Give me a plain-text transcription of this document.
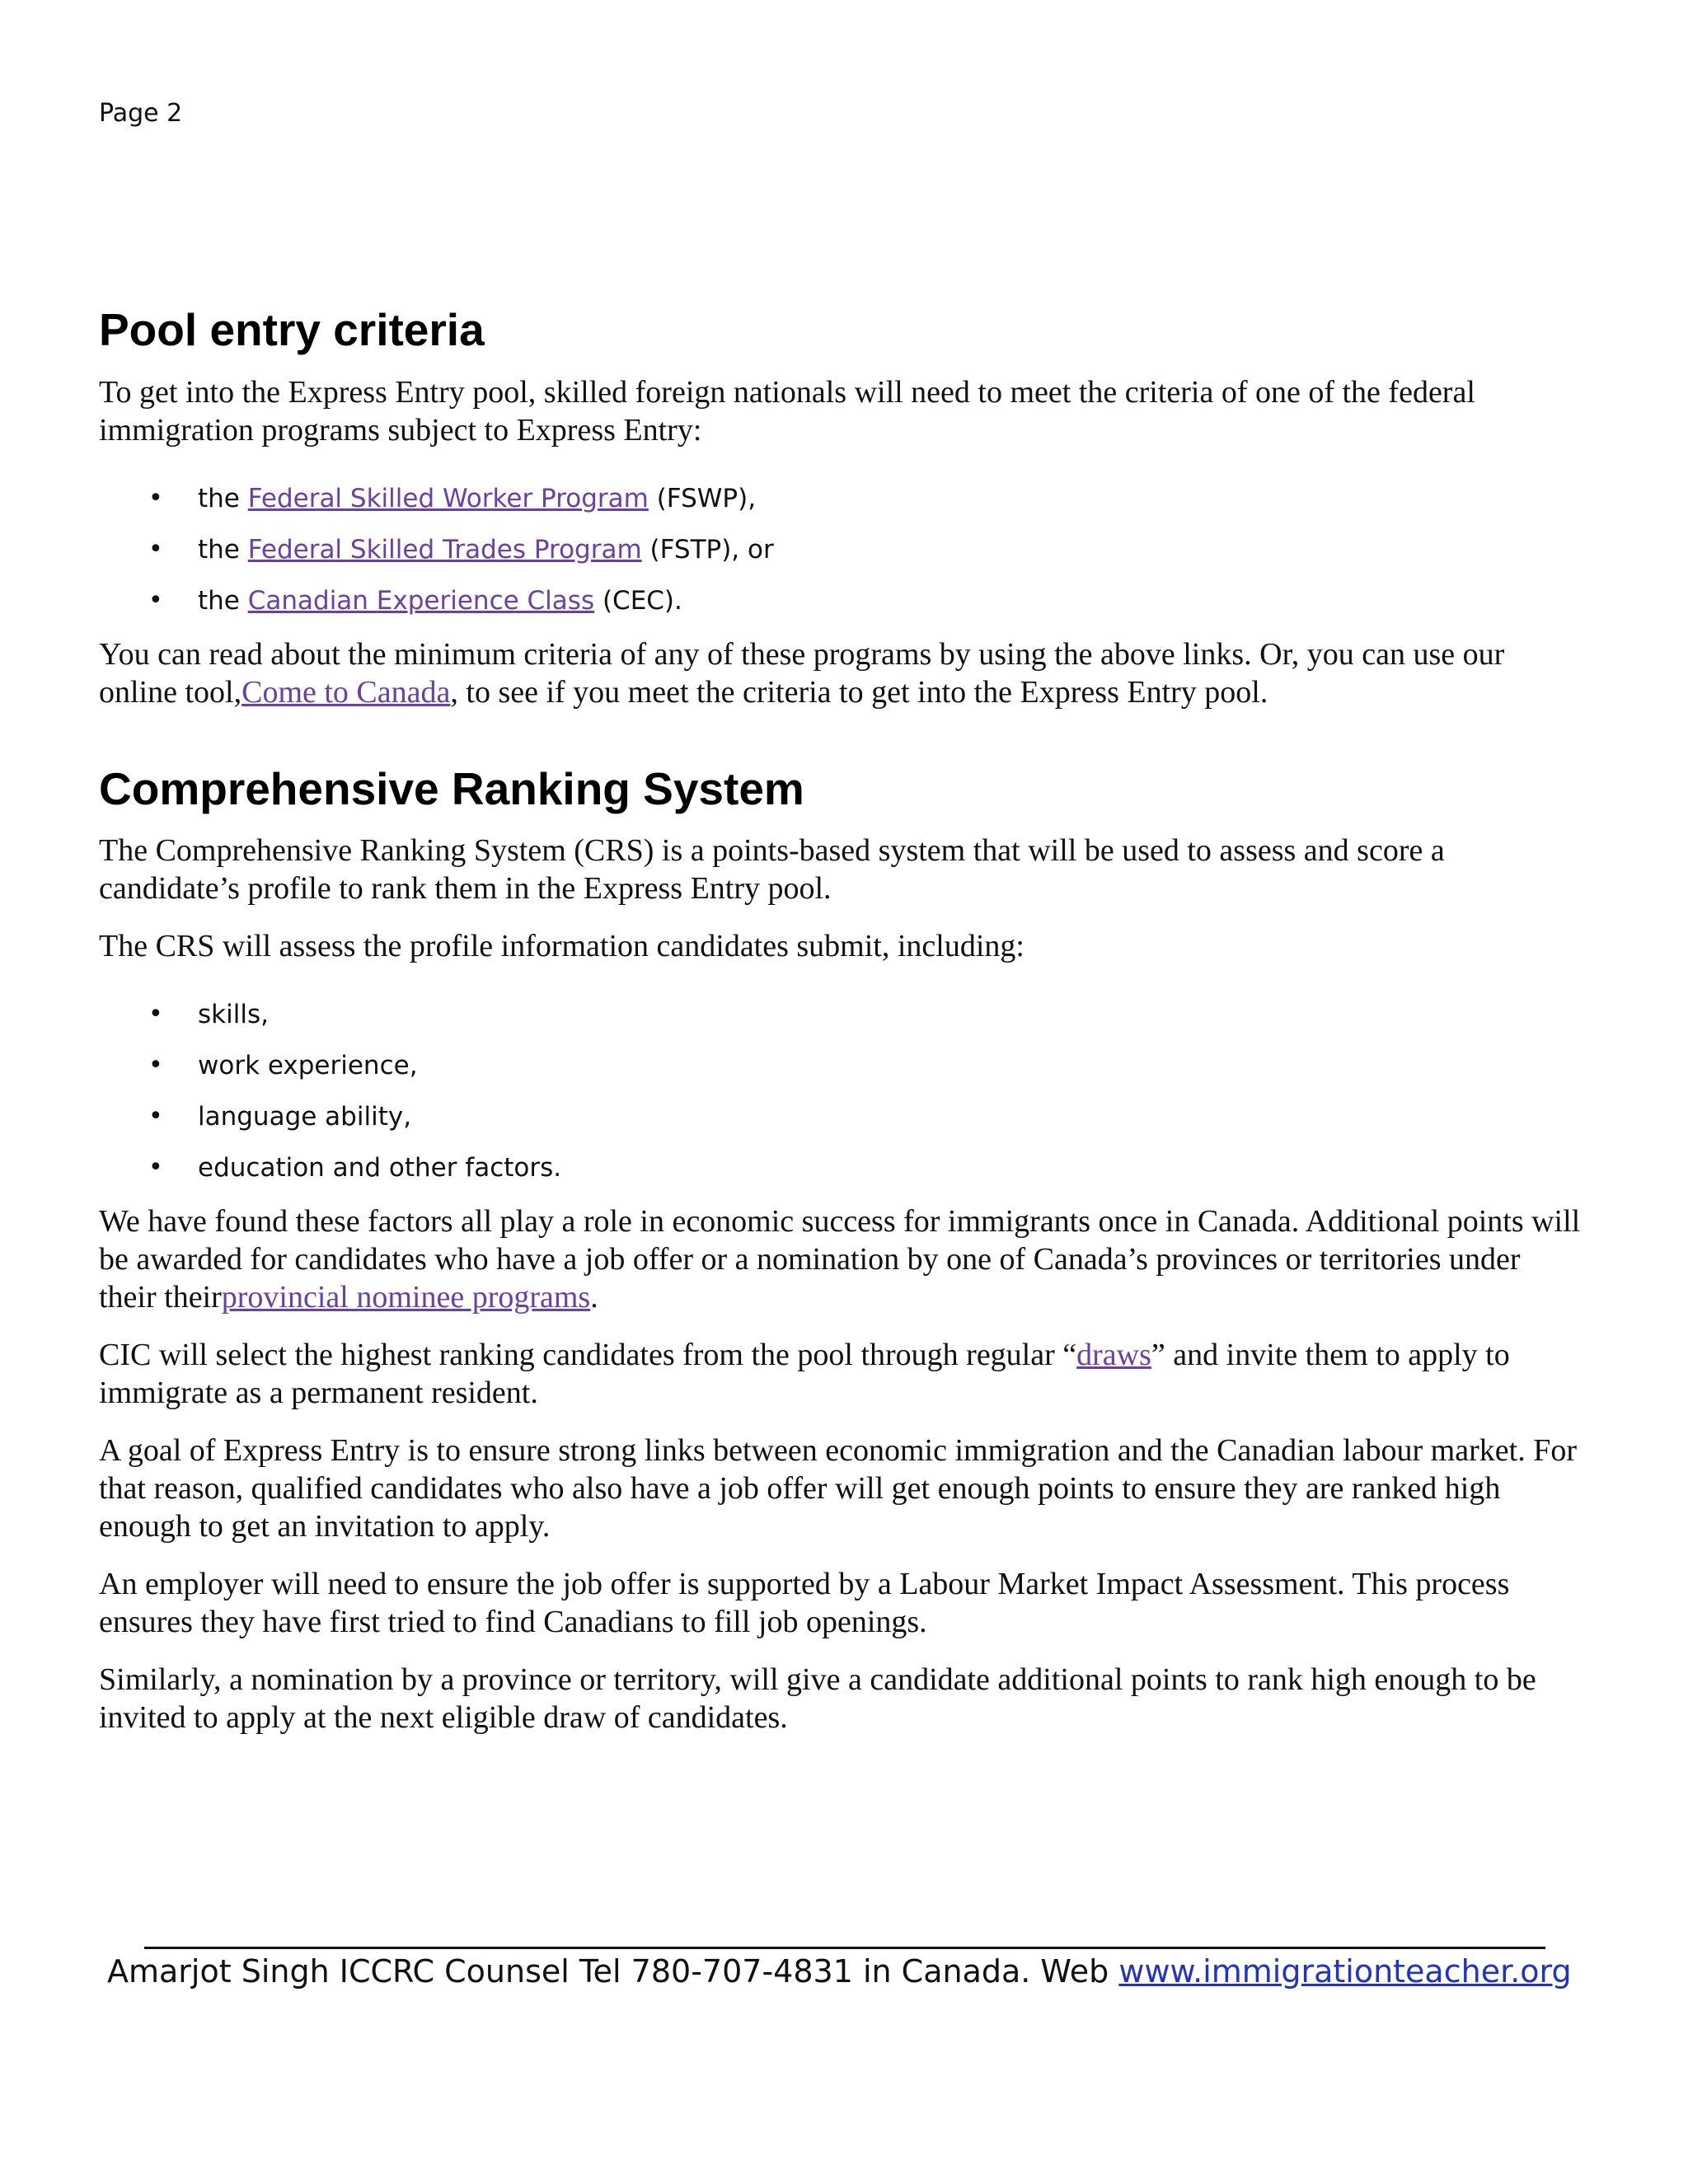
Page 2
Pool entry criteria

To get into the Express Entry pool, skilled foreign nationals will need to meet the criteria of one of the federal immigration programs subject to Express Entry:

• the Federal Skilled Worker Program (FSWP),
• the Federal Skilled Trades Program (FSTP), or
• the Canadian Experience Class (CEC).

You can read about the minimum criteria of any of these programs by using the above links. Or, you can use our online tool,Come to Canada, to see if you meet the criteria to get into the Express Entry pool.

Comprehensive Ranking System

The Comprehensive Ranking System (CRS) is a points-based system that will be used to assess and score a candidate’s profile to rank them in the Express Entry pool.

The CRS will assess the profile information candidates submit, including:

• skills,
• work experience,
• language ability,
• education and other factors.

We have found these factors all play a role in economic success for immigrants once in Canada. Additional points will be awarded for candidates who have a job offer or a nomination by one of Canada’s provinces or territories under their theirprovincial nominee programs.

CIC will select the highest ranking candidates from the pool through regular “draws” and invite them to apply to immigrate as a permanent resident.

A goal of Express Entry is to ensure strong links between economic immigration and the Canadian labour market. For that reason, qualified candidates who also have a job offer will get enough points to ensure they are ranked high enough to get an invitation to apply.

An employer will need to ensure the job offer is supported by a Labour Market Impact Assessment. This process ensures they have first tried to find Canadians to fill job openings.

Similarly, a nomination by a province or territory, will give a candidate additional points to rank high enough to be invited to apply at the next eligible draw of candidates.

Amarjot Singh ICCRC Counsel Tel 780-707-4831 in Canada. Web www.immigrationteacher.org
